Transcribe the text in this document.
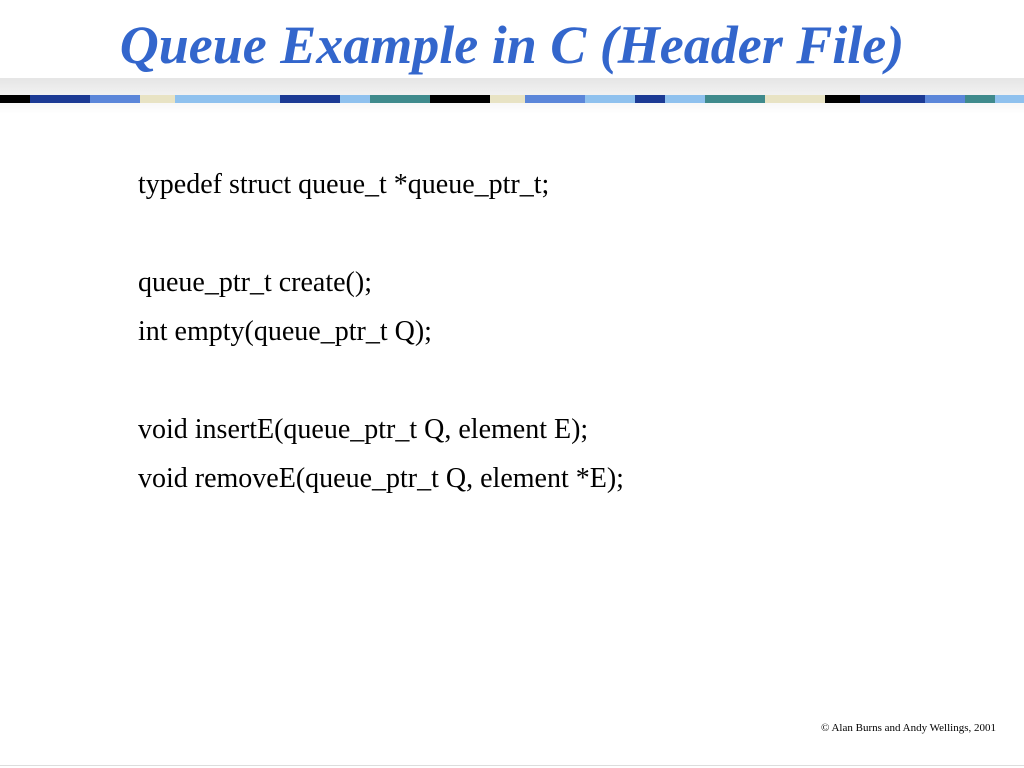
Queue Example in C (Header File)
typedef struct queue_t *queue_ptr_t;
queue_ptr_t create();
int empty(queue_ptr_t Q);
void insertE(queue_ptr_t Q, element E);
void removeE(queue_ptr_t Q, element *E);
© Alan Burns and Andy Wellings, 2001
